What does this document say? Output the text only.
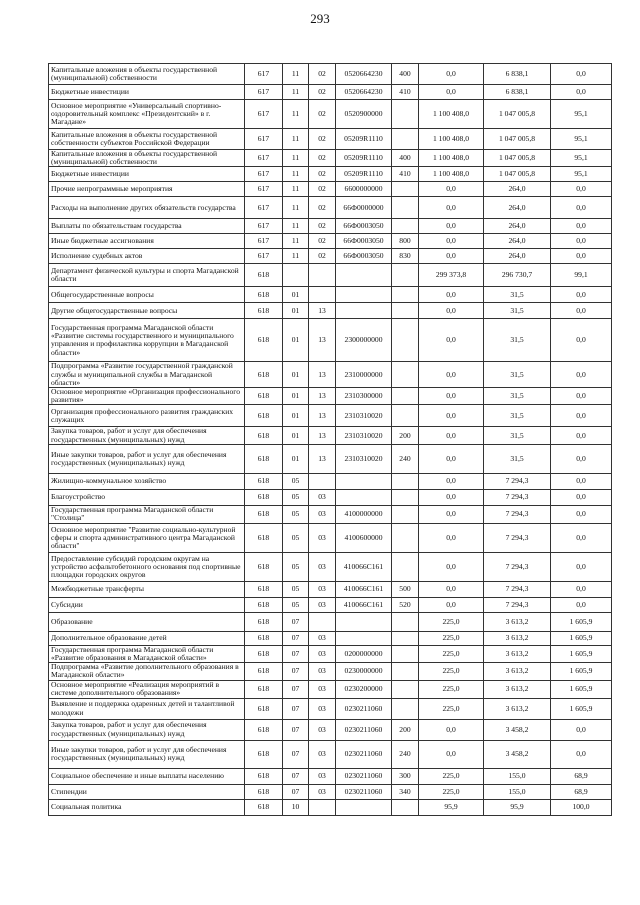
293
Капитальные вложения в объекты государственной (муниципальной) собственности	617	11	02	0520664230	400	0,0	6 838,1	0,0
Бюджетные инвестиции	617	11	02	0520664230	410	0,0	6 838,1	0,0
Основное мероприятие «Универсальный спортивно-оздоровительный комплекс «Президентский» в г. Магадане»	617	11	02	0520900000		1 100 408,0	1 047 005,8	95,1
Капитальные вложения в объекты государственной собственности субъектов Российской Федерации	617	11	02	05209R1110		1 100 408,0	1 047 005,8	95,1
Капитальные вложения в объекты государственной (муниципальной) собственности	617	11	02	05209R1110	400	1 100 408,0	1 047 005,8	95,1
Бюджетные инвестиции	617	11	02	05209R1110	410	1 100 408,0	1 047 005,8	95,1
Прочие непрограммные мероприятия	617	11	02	6600000000		0,0	264,0	0,0
Расходы на выполнение других обязательств государства	617	11	02	66Ф0000000		0,0	264,0	0,0
Выплаты по обязательствам государства	617	11	02	66Ф0003050		0,0	264,0	0,0
Иные бюджетные ассигнования	617	11	02	66Ф0003050	800	0,0	264,0	0,0
Исполнение судебных актов	617	11	02	66Ф0003050	830	0,0	264,0	0,0
Департамент физической культуры и спорта Магаданской области	618					299 373,8	296 730,7	99,1
Общегосударственные вопросы	618	01				0,0	31,5	0,0
Другие общегосударственные вопросы	618	01	13			0,0	31,5	0,0
Государственная программа Магаданской области «Развитие системы государственного и муниципального управления и профилактика коррупции в Магаданской области»	618	01	13	2300000000		0,0	31,5	0,0
Подпрограмма «Развитие государственной гражданской службы и муниципальной службы в Магаданской области»	618	01	13	2310000000		0,0	31,5	0,0
Основное мероприятие «Организация профессионального развития»	618	01	13	2310300000		0,0	31,5	0,0
Организация профессионального развития гражданских служащих	618	01	13	2310310020		0,0	31,5	0,0
Закупка товаров, работ и услуг для обеспечения государственных (муниципальных) нужд	618	01	13	2310310020	200	0,0	31,5	0,0
Иные закупки товаров, работ и услуг для обеспечения государственных (муниципальных) нужд	618	01	13	2310310020	240	0,0	31,5	0,0
Жилищно-коммунальное хозяйство	618	05				0,0	7 294,3	0,0
Благоустройство	618	05	03			0,0	7 294,3	0,0
Государственная программа Магаданской области "Столица"	618	05	03	4100000000		0,0	7 294,3	0,0
Основное мероприятие "Развитие социально-культурной сферы и спорта административного центра Магаданской области"	618	05	03	4100600000		0,0	7 294,3	0,0
Предоставление субсидий городским округам на устройство асфальтобетонного основания под спортивные площадки городских округов	618	05	03	410066С161		0,0	7 294,3	0,0
Межбюджетные трансферты	618	05	03	410066С161	500	0,0	7 294,3	0,0
Субсидии	618	05	03	410066С161	520	0,0	7 294,3	0,0
Образование	618	07				225,0	3 613,2	1 605,9
Дополнительное образование детей	618	07	03			225,0	3 613,2	1 605,9
Государственная программа Магаданской области «Развитие образования в Магаданской области»	618	07	03	0200000000		225,0	3 613,2	1 605,9
Подпрограмма «Развитие дополнительного образования в Магаданской области»	618	07	03	0230000000		225,0	3 613,2	1 605,9
Основное мероприятие «Реализация мероприятий в системе дополнительного образования»	618	07	03	0230200000		225,0	3 613,2	1 605,9
Выявление и поддержка одаренных детей и талантливой молодежи	618	07	03	0230211060		225,0	3 613,2	1 605,9
Закупка товаров, работ и услуг для обеспечения государственных (муниципальных) нужд	618	07	03	0230211060	200	0,0	3 458,2	0,0
Иные закупки товаров, работ и услуг для обеспечения государственных (муниципальных) нужд	618	07	03	0230211060	240	0,0	3 458,2	0,0
Социальное обеспечение и иные выплаты населению	618	07	03	0230211060	300	225,0	155,0	68,9
Стипендии	618	07	03	0230211060	340	225,0	155,0	68,9
Социальная политика	618	10				95,9	95,9	100,0
